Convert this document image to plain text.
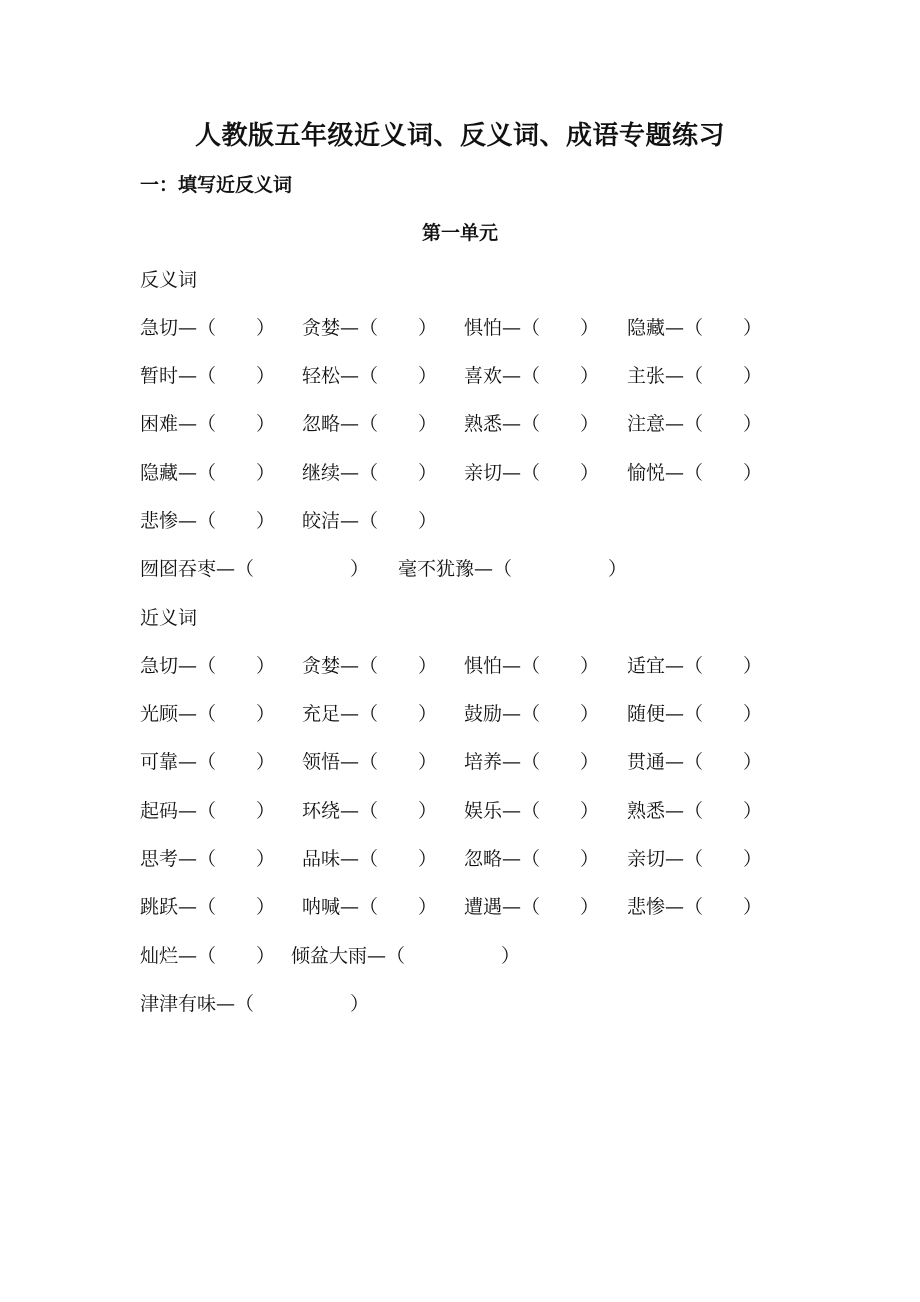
人教版五年级近义词、反义词、成语专题练习
一：填写近反义词
第一单元
反义词
急切—（ ） 贪婪—（ ） 惧怕—（ ） 隐藏—（ ）
暂时—（ ） 轻松—（ ） 喜欢—（ ） 主张—（ ）
困难—（ ） 忽略—（ ） 熟悉—（ ） 注意—（ ）
隐藏—（ ） 继续—（ ） 亲切—（ ） 愉悦—（ ）
悲惨—（ ） 皎洁—（ ）
囫囵吞枣—（	） 毫不犹豫—（	）
近义词
急切—（ ） 贪婪—（ ） 惧怕—（ ） 适宜—（ ）
光顾—（ ） 充足—（ ） 鼓励—（ ） 随便—（ ）
可靠—（ ） 领悟—（ ） 培养—（ ） 贯通—（ ）
起码—（ ） 环绕—（ ） 娱乐—（ ） 熟悉—（ ）
思考—（ ） 品味—（ ） 忽略—（ ） 亲切—（ ）
跳跃—（ ） 呐喊—（ ） 遭遇—（ ） 悲惨—（ ）
灿烂—（ ） 倾盆大雨—（	）
津津有味—（	）
